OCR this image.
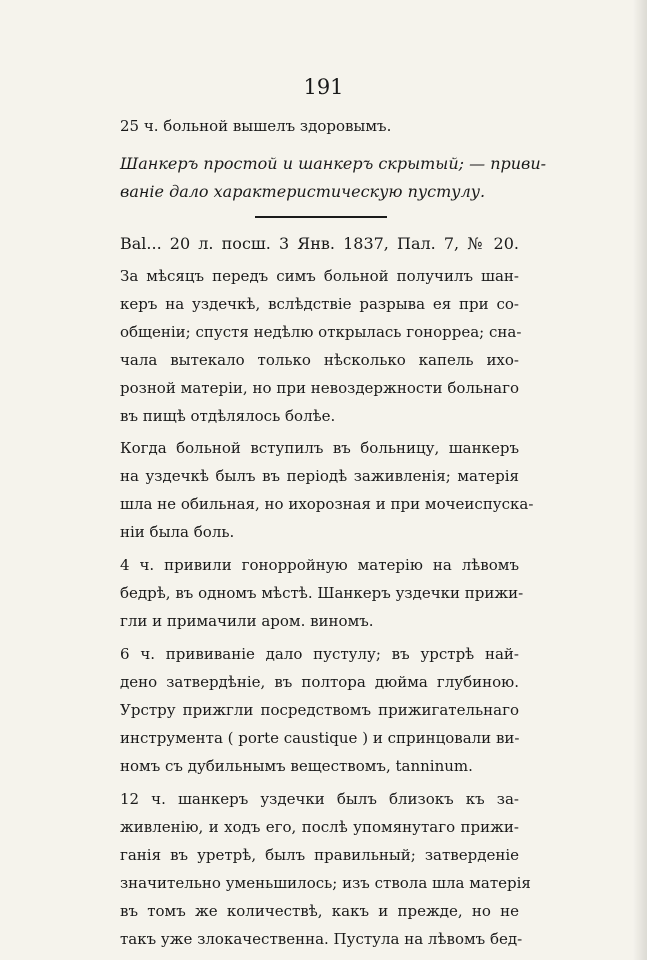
191
25 ч. больной вышелъ здоровымъ.
Шанкеръ простой и шанкеръ скрытый; — приви-
ваніе дало характеристическую пустулу.
Bal... 20 л. посш. 3 Янв. 1837, Пал. 7, № 20.
За мѣсяцъ передъ симъ больной получилъ шан-
керъ на уздечкѣ, вслѣдствіе разрыва ея при со-
общеніи; спустя недѣлю открылась гонорреа; сна-
чала вытекало только нѣсколько капель ихо-
розной матеріи, но при невоздержности больнаго
въ пищѣ отдѣлялось болѣе.
Когда больной вступилъ въ больницу, шанкеръ
на уздечкѣ былъ въ періодѣ заживленія; матерія
шла не обильная, но ихорозная и при мочеиспуска-
ніи была боль.
4 ч. привили гонорройную матерію на лѣвомъ
бедрѣ, въ одномъ мѣстѣ. Шанкеръ уздечки прижи-
гли и примачили аром. виномъ.
6 ч. прививаніе дало пустулу; въ урстрѣ най-
дено затвердѣніе, въ полтора дюйма глубиною.
Урстру прижгли посредствомъ прижигательнаго
инструмента ( porte caustique ) и спринцовали ви-
номъ съ дубильнымъ веществомъ, tanninum.
12 ч. шанкеръ уздечки былъ близокъ къ за-
живленію, и ходъ его, послѣ упомянутаго прижи-
ганія въ уретрѣ, былъ правильный; затверденіе
значительно уменьшилось; изъ ствола шла матерія
въ томъ же количествѣ, какъ и прежде, но не
такъ уже злокачественна. Пустула на лѣвомъ бед-
